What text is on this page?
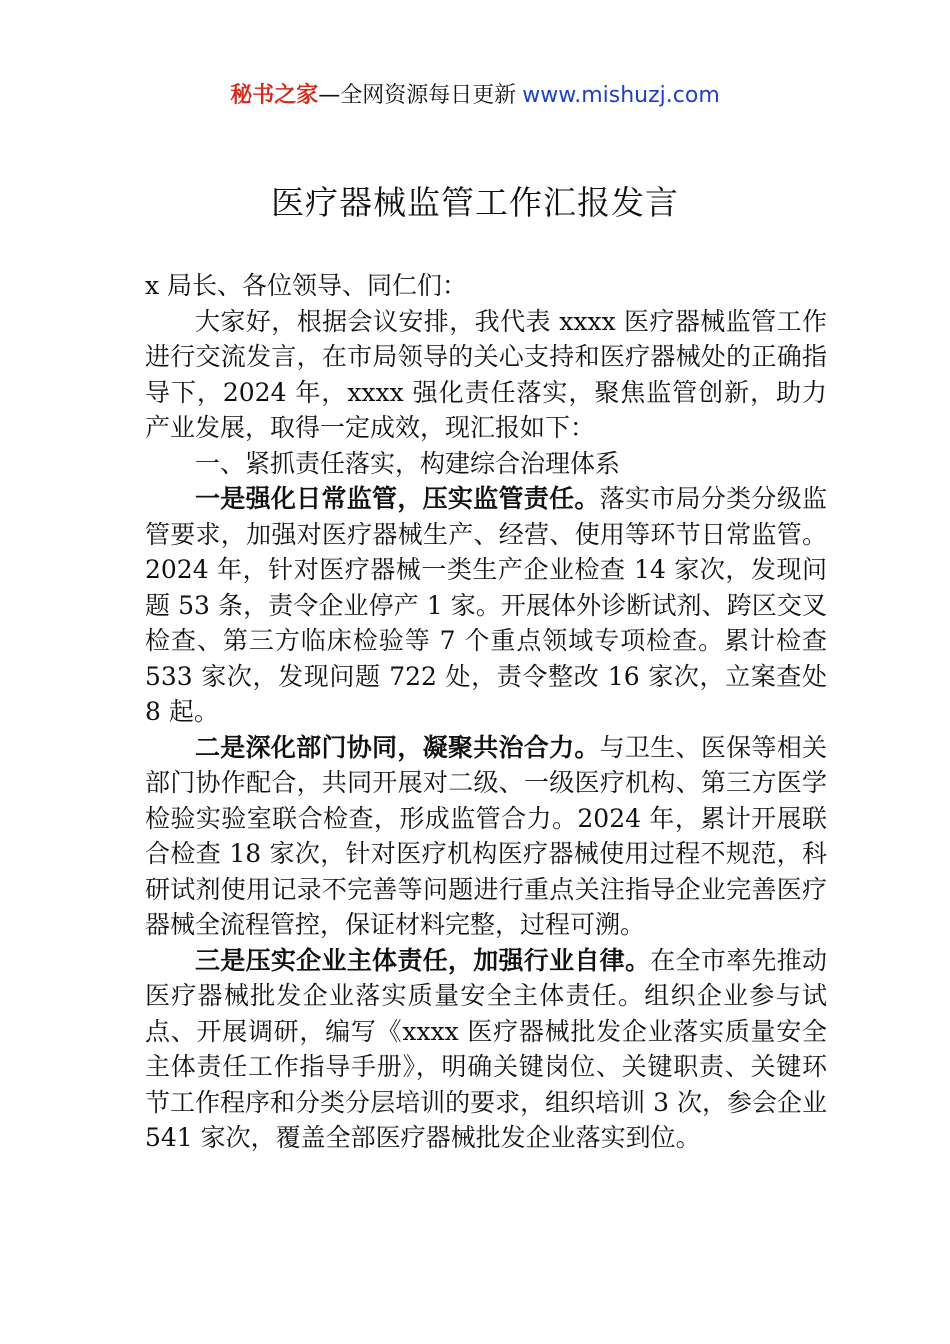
秘书之家—全网资源每日更新 www.mishuzj.com
医疗器械监管工作汇报发言

x 局长、各位领导、同仁们：

大家好，根据会议安排，我代表 xxxx 医疗器械监管工作进行交流发言，在市局领导的关心支持和医疗器械处的正确指导下，2024 年，xxxx 强化责任落实，聚焦监管创新，助力产业发展，取得一定成效，现汇报如下：

一、紧抓责任落实，构建综合治理体系

一是强化日常监管，压实监管责任。落实市局分类分级监管要求，加强对医疗器械生产、经营、使用等环节日常监管。2024 年，针对医疗器械一类生产企业检查 14 家次，发现问题 53 条，责令企业停产 1 家。开展体外诊断试剂、跨区交叉检查、第三方临床检验等 7 个重点领域专项检查。累计检查 533 家次，发现问题 722 处，责令整改 16 家次，立案查处 8 起。

二是深化部门协同，凝聚共治合力。与卫生、医保等相关部门协作配合，共同开展对二级、一级医疗机构、第三方医学检验实验室联合检查，形成监管合力。2024 年，累计开展联合检查 18 家次，针对医疗机构医疗器械使用过程不规范，科研试剂使用记录不完善等问题进行重点关注指导企业完善医疗器械全流程管控，保证材料完整，过程可溯。

三是压实企业主体责任，加强行业自律。在全市率先推动医疗器械批发企业落实质量安全主体责任。组织企业参与试点、开展调研，编写《xxxx 医疗器械批发企业落实质量安全主体责任工作指导手册》，明确关键岗位、关键职责、关键环节工作程序和分类分层培训的要求，组织培训 3 次，参会企业 541 家次，覆盖全部医疗器械批发企业落实到位。
